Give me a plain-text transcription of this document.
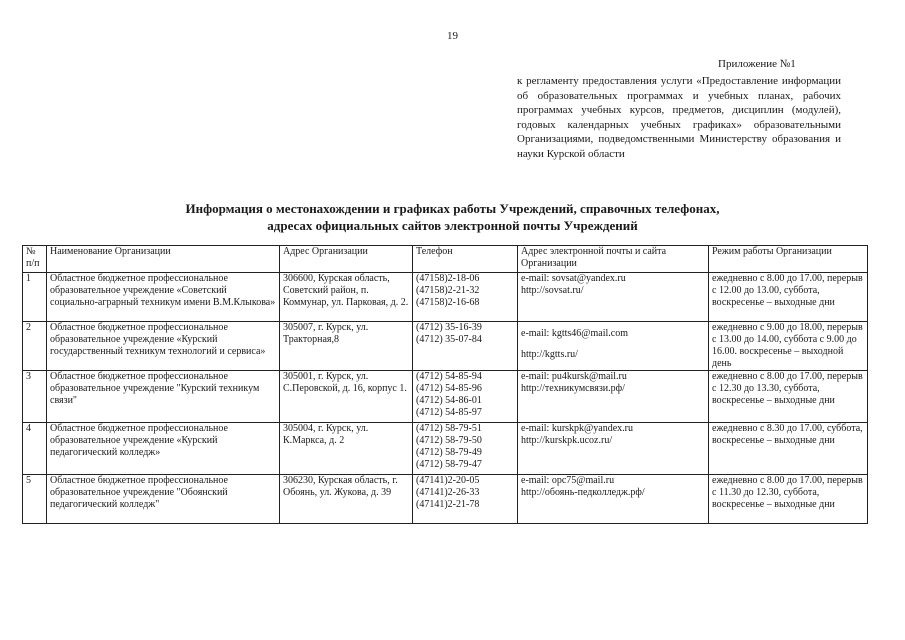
19
Приложение №1
к регламенту предоставления услуги «Предоставление информации об образовательных программах и учебных планах, рабочих программах учебных курсов, предметов, дисциплин (модулей), годовых календарных учебных графиках» образовательными Организациями, подведомственными Министерству образования и науки Курской области
Информация о местонахождении и графиках работы Учреждений, справочных телефонах,
адресах официальных сайтов электронной почты Учреждений
№ п/п	Наименование Организации	Адрес Организации	Телефон	Адрес электронной почты и сайта Организации	Режим работы Организации
1	Областное бюджетное профессиональное образовательное учреждение «Советский социально-аграрный техникум имени В.М.Клыкова»	306600, Курская область, Советский район, п. Коммунар, ул. Парковая, д. 2.	(47158)2-18-06
(47158)2-21-32
(47158)2-16-68	e-mail: sovsat@yandex.ru
http://sovsat.ru/	ежедневно с 8.00 до 17.00, перерыв с 12.00 до 13.00, суббота, воскресенье – выходные дни
2	Областное бюджетное профессиональное образовательное учреждение «Курский государственный техникум технологий и сервиса»	305007, г. Курск, ул. Тракторная,8	(4712) 35-16-39
(4712) 35-07-84	e-mail: kgtts46@mail.com
http://kgtts.ru/	ежедневно с 9.00 до 18.00, перерыв с 13.00 до 14.00, суббота с 9.00 до 16.00. воскресенье – выходной день
3	Областное бюджетное профессиональное образовательное учреждение "Курский техникум связи"	305001, г. Курск, ул. С.Перовской, д. 16, корпус 1.	(4712) 54-85-94
(4712) 54-85-96
(4712) 54-86-01
(4712) 54-85-97	e-mail: pu4kursk@mail.ru
http://техникумсвязи.рф/	ежедневно с 8.00 до 17.00, перерыв с 12.30 до 13.30, суббота, воскресенье – выходные дни
4	Областное бюджетное профессиональное образовательное учреждение «Курский педагогический колледж»	305004, г. Курск, ул. К.Маркса, д. 2	(4712) 58-79-51
(4712) 58-79-50
(4712) 58-79-49
(4712) 58-79-47	e-mail: kurskpk@yandex.ru
http://kurskpk.ucoz.ru/	ежедневно с 8.30 до 17.00, суббота, воскресенье – выходные дни
5	Областное бюджетное профессиональное образовательное учреждение "Обоянский педагогический колледж"	306230, Курская область, г. Обоянь, ул. Жукова, д. 39	(47141)2-20-05
(47141)2-26-33
(47141)2-21-78	e-mail: opc75@mail.ru
http://обоянь-педколледж.рф/	ежедневно с 8.00 до 17.00, перерыв с 11.30 до 12.30, суббота, воскресенье – выходные дни
